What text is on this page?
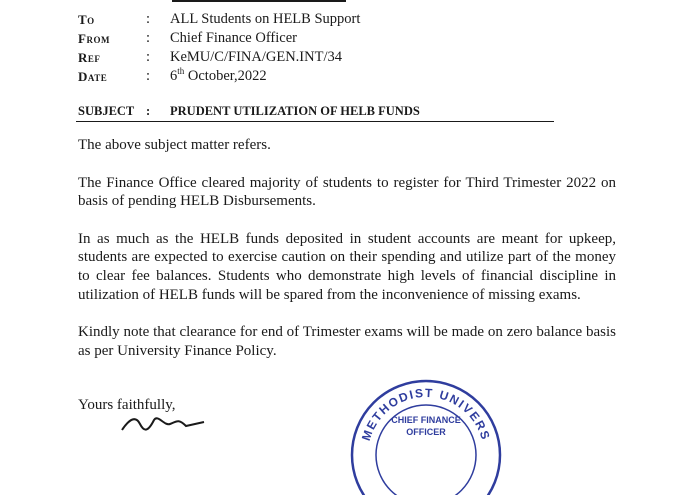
To	: ALL Students on HELB Support
From : Chief Finance Officer
Ref	: KeMU/C/FINA/GEN.INT/34
Date	: 6th October,2022
SUBJECT : PRUDENT UTILIZATION OF HELB FUNDS

The above subject matter refers.

The Finance Office cleared majority of students to register for Third Trimester 2022 on basis of pending HELB Disbursements.

In as much as the HELB funds deposited in student accounts are meant for upkeep, students are expected to exercise caution on their spending and utilize part of the money to clear fee balances. Students who demonstrate high levels of financial discipline in utilization of HELB funds will be spared from the inconvenience of missing exams.

Kindly note that clearance for end of Trimester exams will be made on zero balance basis as per University Finance Policy.

Yours faithfully,
METHODIST UNIVERS
CHIEF FINANCE
OFFICER
